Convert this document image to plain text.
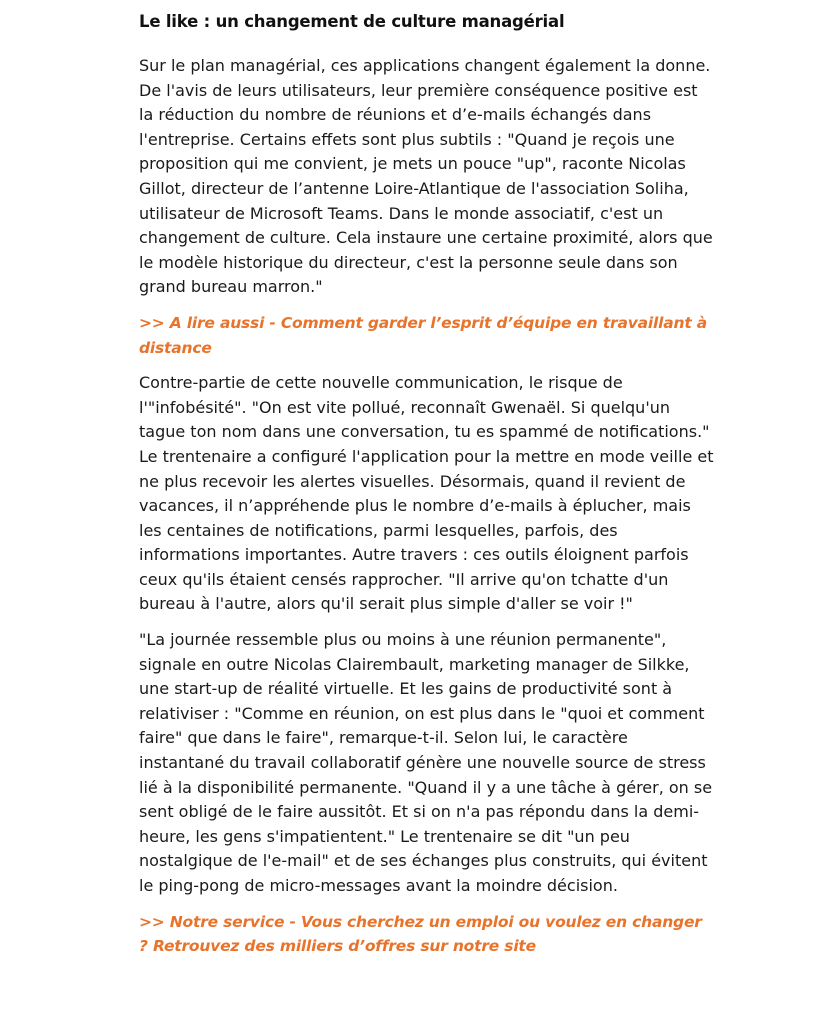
Le like : un changement de culture managérial

Sur le plan managérial, ces applications changent également la donne. De l'avis de leurs utilisateurs, leur première conséquence positive est la réduction du nombre de réunions et d’e-mails échangés dans l'entreprise. Certains effets sont plus subtils : "Quand je reçois une proposition qui me convient, je mets un pouce "up", raconte Nicolas Gillot, directeur de l’antenne Loire-Atlantique de l'association Soliha, utilisateur de Microsoft Teams. Dans le monde associatif, c'est un changement de culture. Cela instaure une certaine proximité, alors que le modèle historique du directeur, c'est la personne seule dans son grand bureau marron."

>> A lire aussi - Comment garder l’esprit d’équipe en travaillant à distance

Contre-partie de cette nouvelle communication, le risque de l'"infobésité". "On est vite pollué, reconnaît Gwenaël. Si quelqu'un tague ton nom dans une conversation, tu es spammé de notifications." Le trentenaire a configuré l'application pour la mettre en mode veille et ne plus recevoir les alertes visuelles. Désormais, quand il revient de vacances, il n’appréhende plus le nombre d’e-mails à éplucher, mais les centaines de notifications, parmi lesquelles, parfois, des informations importantes. Autre travers : ces outils éloignent parfois ceux qu'ils étaient censés rapprocher. "Il arrive qu'on tchatte d'un bureau à l'autre, alors qu'il serait plus simple d'aller se voir !"

"La journée ressemble plus ou moins à une réunion permanente", signale en outre Nicolas Clairembault, marketing manager de Silkke, une start-up de réalité virtuelle. Et les gains de productivité sont à relativiser : "Comme en réunion, on est plus dans le "quoi et comment faire" que dans le faire", remarque-t-il. Selon lui, le caractère instantané du travail collaboratif génère une nouvelle source de stress lié à la disponibilité permanente. "Quand il y a une tâche à gérer, on se sent obligé de le faire aussitôt. Et si on n'a pas répondu dans la demi-heure, les gens s'impatientent." Le trentenaire se dit "un peu nostalgique de l'e-mail" et de ses échanges plus construits, qui évitent le ping-pong de micro-messages avant la moindre décision.

>> Notre service - Vous cherchez un emploi ou voulez en changer ? Retrouvez des milliers d’offres sur notre site
